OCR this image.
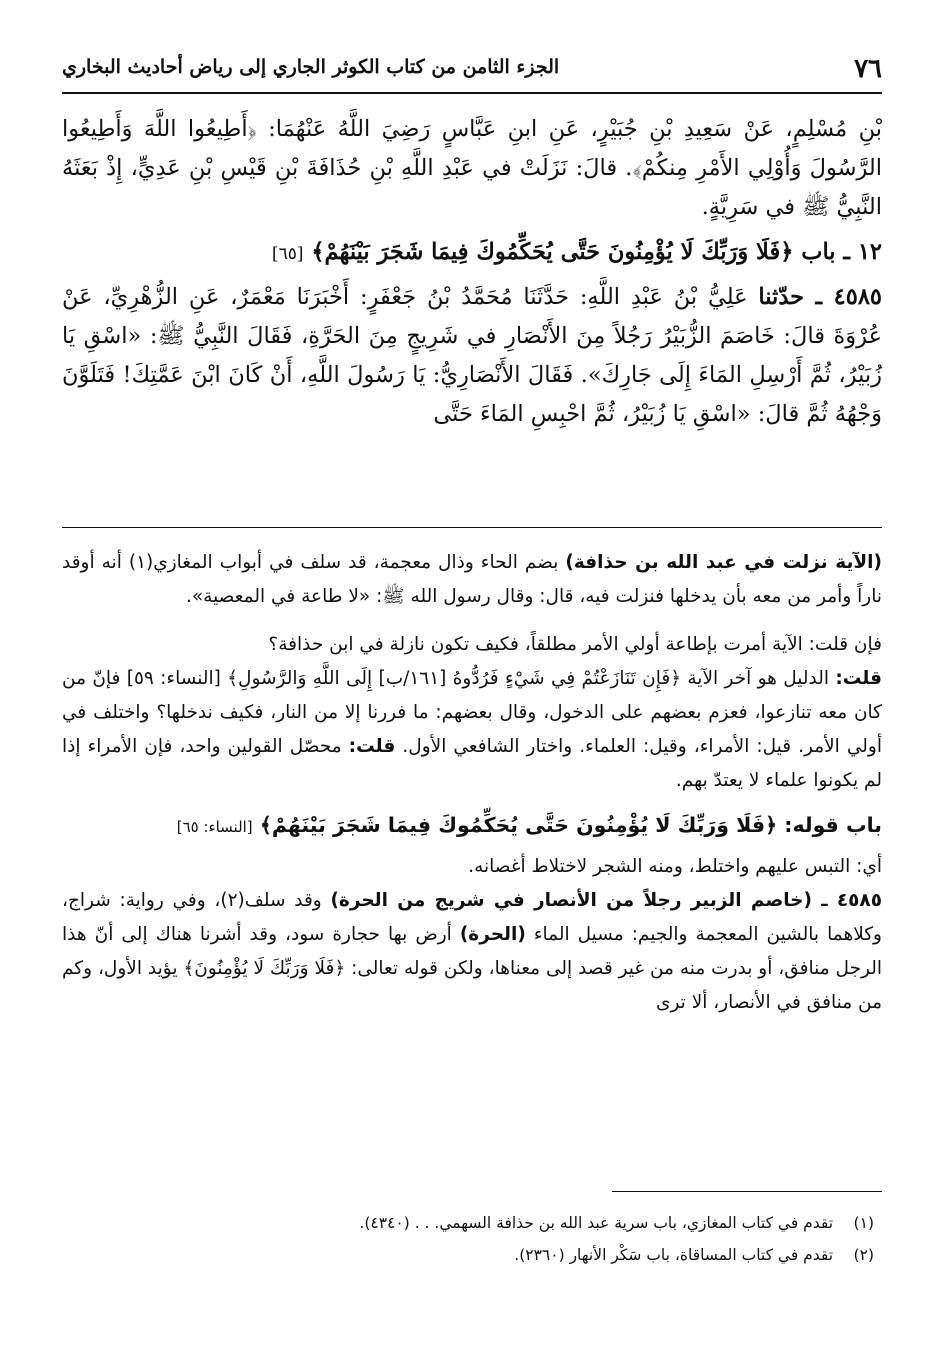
٧٦
الجزء الثامن من كتاب الكوثر الجاري إلى رياض أحاديث البخاري

بْنِ مُسْلِمٍ، عَنْ سَعِيدِ بْنِ جُبَيْرٍ، عَنِ ابنِ عَبَّاسٍ رَضِيَ اللَّهُ عَنْهُمَا: ﴿أَطِيعُوا اللَّهَ وَأَطِيعُوا الرَّسُولَ وَأُوْلِي الأَمْرِ مِنكُمْ﴾. قالَ: نَزَلَتْ في عَبْدِ اللَّهِ بْنِ حُذَافَةَ بْنِ قَيْسِ بْنِ عَدِيٍّ، إِذْ بَعَثَهُ النَّبِيُّ ﷺ في سَرِيَّةٍ.

١٢ ـ باب ﴿فَلَا وَرَبِّكَ لَا يُؤْمِنُونَ حَتَّى يُحَكِّمُوكَ فِيمَا شَجَرَ بَيْنَهُمْ﴾ [٦٥]

٤٥٨٥ ـ حدّثنا عَلِيُّ بْنُ عَبْدِ اللَّهِ: حَدَّثَنَا مُحَمَّدُ بْنُ جَعْفَرٍ: أَخْبَرَنَا مَعْمَرٌ، عَنِ الزُّهْرِيِّ، عَنْ عُرْوَةَ قالَ: خَاصَمَ الزُّبَيْرُ رَجُلاً مِنَ الأَنْصَارِ في شَرِيجٍ مِنَ الحَرَّةِ، فَقَالَ النَّبِيُّ ﷺ: «اسْقِ يَا زُبَيْرُ، ثُمَّ أَرْسِلِ المَاءَ إِلَى جَارِكَ». فَقَالَ الأَنْصَارِيُّ: يَا رَسُولَ اللَّهِ، أَنْ كَانَ ابْنَ عَمَّتِكَ! فَتَلَوَّنَ وَجْهُهُ ثُمَّ قالَ: «اسْقِ يَا زُبَيْرُ، ثُمَّ احْبِسِ المَاءَ حَتَّى

(الآية نزلت في عبد الله بن حذافة) بضم الحاء وذال معجمة، قد سلف في أبواب المغازي(١) أنه أوقد ناراً وأمر من معه بأن يدخلها فنزلت فيه، قال: وقال رسول الله ﷺ: «لا طاعة في المعصية».

فإن قلت: الآية أمرت بإطاعة أولي الأمر مطلقاً، فكيف تكون نازلة في ابن حذافة؟

قلت: الدليل هو آخر الآية ﴿فَإِن تَنَازَعْتُمْ فِي شَيْءٍ فَرُدُّوهُ [١٦١/ب] إِلَى اللَّهِ وَالرَّسُولِ﴾ [النساء: ٥٩] فإنّ من كان معه تنازعوا، فعزم بعضهم على الدخول، وقال بعضهم: ما فررنا إلا من النار، فكيف ندخلها؟ واختلف في أولي الأمر. قيل: الأمراء، وقيل: العلماء. واختار الشافعي الأول. قلت: محصّل القولين واحد، فإن الأمراء إذا لم يكونوا علماء لا يعتدّ بهم.

باب قوله: ﴿فَلَا وَرَبِّكَ لَا يُؤْمِنُونَ حَتَّى يُحَكِّمُوكَ فِيمَا شَجَرَ بَيْنَهُمْ﴾ [النساء: ٦٥]

أي: التبس عليهم واختلط، ومنه الشجر لاختلاط أغصانه.

٤٥٨٥ ـ (خاصم الزبير رجلاً من الأنصار في شريج من الحرة) وقد سلف(٢)، وفي رواية: شراج، وكلاهما بالشين المعجمة والجيم: مسيل الماء (الحرة) أرض بها حجارة سود، وقد أشرنا هناك إلى أنّ هذا الرجل منافق، أو بدرت منه من غير قصد إلى معناها، ولكن قوله تعالى: ﴿فَلَا وَرَبِّكَ لَا يُؤْمِنُونَ﴾ يؤيد الأول، وكم من منافق في الأنصار، ألا ترى

(١) تقدم في كتاب المغازي، باب سرية عبد الله بن حذافة السهمي. . . (٤٣٤٠).
(٢) تقدم في كتاب المساقاة، باب سَكْر الأنهار (٢٣٦٠).
